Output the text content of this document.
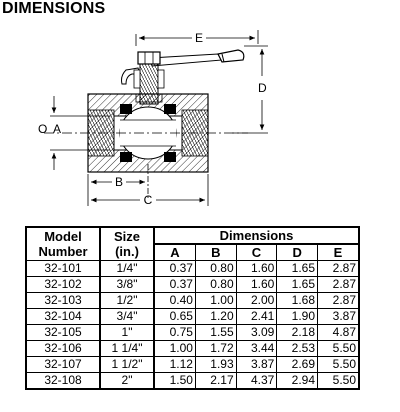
DIMENSIONS
E
D
O A
B
C
Model Number	Size (in.)	Dimensions				
		A	B	C	D	E
32-101	1/4"	0.37	0.80	1.60	1.65	2.87
32-102	3/8"	0.37	0.80	1.60	1.65	2.87
32-103	1/2"	0.40	1.00	2.00	1.68	2.87
32-104	3/4"	0.65	1.20	2.41	1.90	3.87
32-105	1"	0.75	1.55	3.09	2.18	4.87
32-106	1 1/4"	1.00	1.72	3.44	2.53	5.50
32-107	1 1/2"	1.12	1.93	3.87	2.69	5.50
32-108	2"	1.50	2.17	4.37	2.94	5.50
